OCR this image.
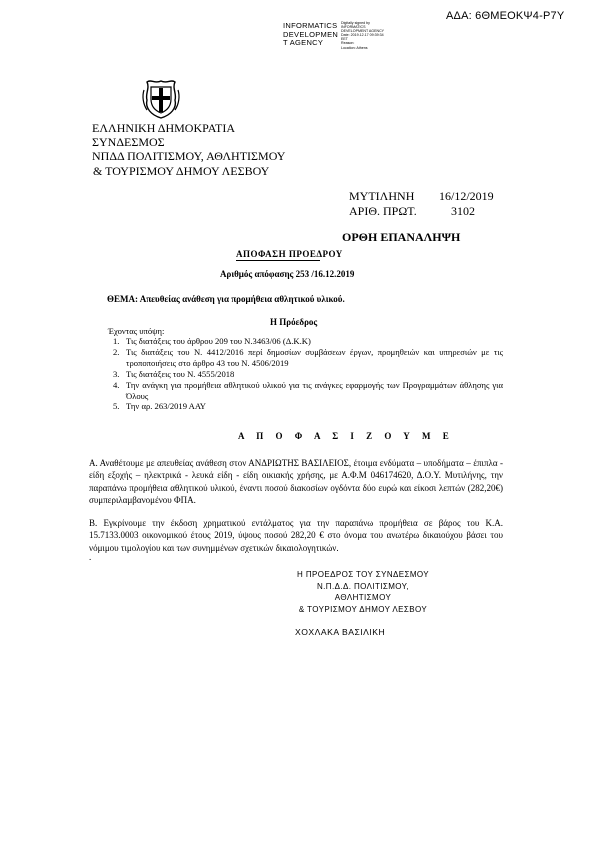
ΑΔΑ: 6ΘΜΕΟΚΨ4-Ρ7Υ
INFORMATICS
DEVELOPMEN
T AGENCY
Digitally signed by
INFORMATICS
DEVELOPMENT AGENCY
Date: 2019.12.17 09:39:34
EET
Reason:
Location: Athens
ΕΛΛΗΝΙΚΗ ΔΗΜΟΚΡΑΤΙΑ
ΣΥΝΔΕΣΜΟΣ
ΝΠΔΔ ΠΟΛΙΤΙΣΜΟΥ, ΑΘΛΗΤΙΣΜΟΥ
& ΤΟΥΡΙΣΜΟΥ ΔΗΜΟΥ ΛΕΣΒΟΥ
ΜΥΤΙΛΗΝΗ 16/12/2019
ΑΡΙΘ. ΠΡΩΤ.	3102
ΟΡΘΗ ΕΠΑΝΑΛΗΨΗ
ΑΠΟΦΑΣΗ ΠΡΟΕΔΡΟΥ
Αριθμός απόφασης 253 /16.12.2019
ΘΕΜΑ: Απευθείας ανάθεση για προμήθεια αθλητικού υλικού.
Η Πρόεδρος
Έχοντας υπόψη:
1. Τις διατάξεις του άρθρου 209 του Ν.3463/06 (Δ.Κ.Κ)
2. Τις διατάξεις του Ν. 4412/2016 περί δημοσίων συμβάσεων έργων, προμηθειών και υπηρεσιών με τις τροποποιήσεις στο άρθρο 43 του Ν. 4506/2019
3. Τις διατάξεις του Ν. 4555/2018
4. Την ανάγκη για προμήθεια αθλητικού υλικού για τις ανάγκες εφαρμογής των Προγραμμάτων άθλησης για Όλους
5. Την αρ. 263/2019 ΑΑΥ
Α Π Ο Φ Α Σ Ι Ζ Ο Υ Μ Ε
Α. Αναθέτουμε με απευθείας ανάθεση στον ΑΝΔΡΙΩΤΗΣ ΒΑΣΙΛΕΙΟΣ, έτοιμα ενδύματα – υποδήματα – έπιπλα - είδη εξοχής – ηλεκτρικά - λευκά είδη - είδη οικιακής χρήσης, με Α.Φ.Μ 046174620, Δ.Ο.Υ. Μυτιλήνης, την παραπάνω προμήθεια αθλητικού υλικού, έναντι ποσού διακοσίων ογδόντα δύο ευρώ και είκοσι λεπτών (282,20€) συμπεριλαμβανομένου ΦΠΑ.
Β. Εγκρίνουμε την έκδοση χρηματικού εντάλματος για την παραπάνω προμήθεια σε βάρος του Κ.Α. 15.7133.0003 οικονομικού έτους 2019, ύψους ποσού 282,20 € στο όνομα του ανωτέρω δικαιούχου βάσει του νόμιμου τιμολογίου και των συνημμένων σχετικών δικαιολογητικών.
.
Η ΠΡΟΕΔΡΟΣ ΤΟΥ ΣΥΝΔΕΣΜΟΥ
Ν.Π.Δ.Δ. ΠΟΛΙΤΙΣΜΟΥ, ΑΘΛΗΤΙΣΜΟΥ
& ΤΟΥΡΙΣΜΟΥ ΔΗΜΟΥ ΛΕΣΒΟΥ
ΧΟΧΛΑΚΑ ΒΑΣΙΛΙΚΗ
